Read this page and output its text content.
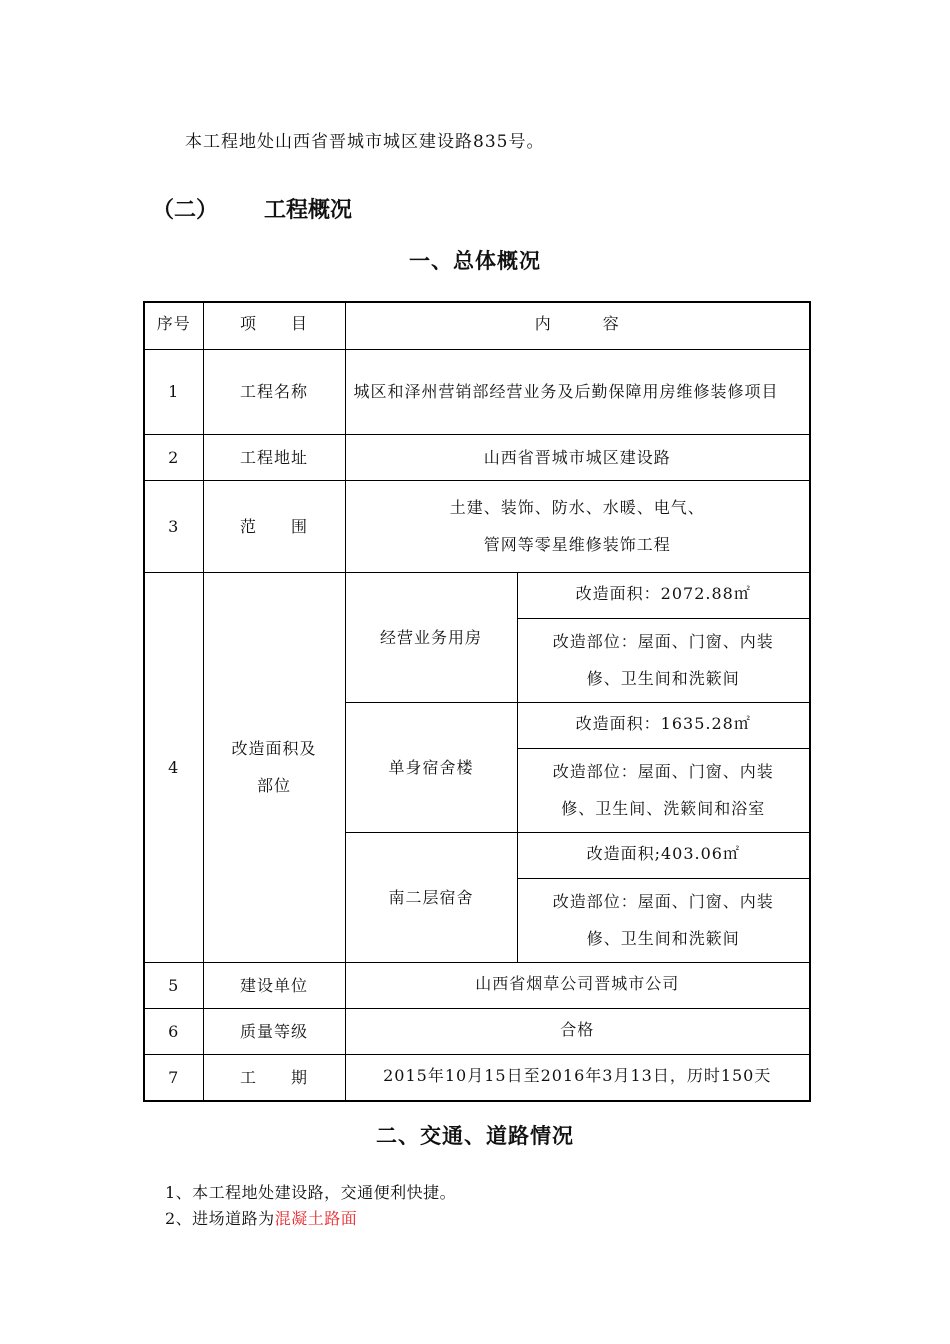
本工程地处山西省晋城市城区建设路835号。
（二） 工程概况
一、总体概况
序号	项　　目	内　　　容	
1	工程名称	城区和泽州营销部经营业务及后勤保障用房维修装修项目	
2	工程地址	山西省晋城市城区建设路	
3	范　　围	土建、装饰、防水、水暖、电气、
管网等零星维修装饰工程	

4	改造面积及
部位	经营业务用房	改造面积：2072.88㎡

			改造部位：屋面、门窗、内装
修、卫生间和洗簌间

		单身宿舍楼	改造面积：1635.28㎡

			改造部位：屋面、门窗、内装
修、卫生间、洗簌间和浴室

		南二层宿舍	改造面积;403.06㎡

			改造部位：屋面、门窗、内装
修、卫生间和洗簌间

5	建设单位	山西省烟草公司晋城市公司	
6	质量等级	合格	
7	工　　期	2015年10月15日至2016年3月13日，历时150天	
二、交通、道路情况
1、本工程地处建设路，交通便利快捷。
2、进场道路为混凝土路面
